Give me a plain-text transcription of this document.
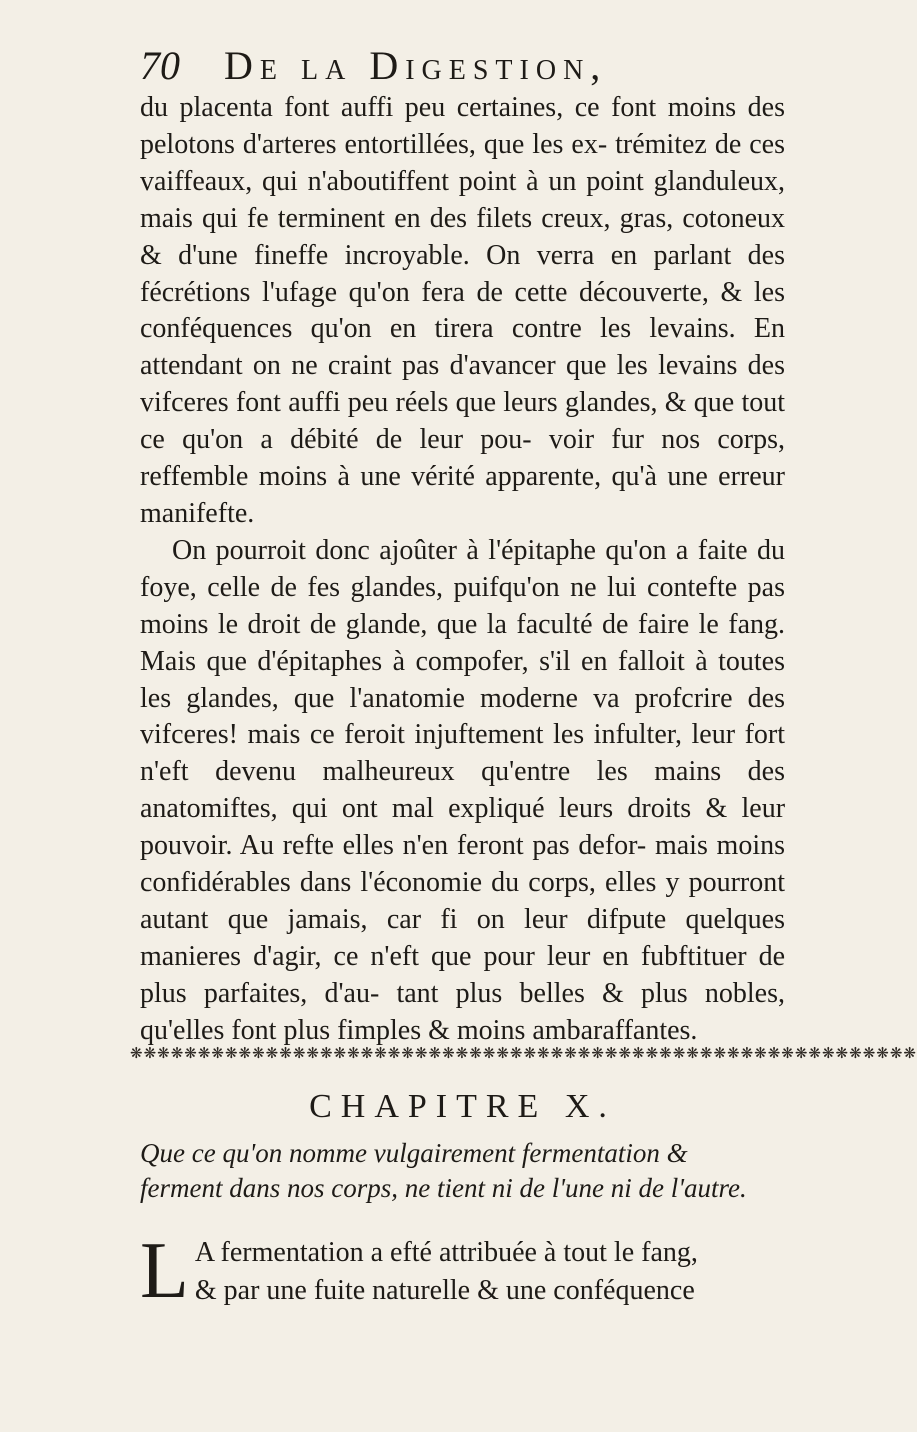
70 De la Digestion,

du placenta font auffi peu certaines, ce font moins des pelotons d'arteres entortillées, que les ex- trémitez de ces vaiffeaux, qui n'aboutiffent point à un point glanduleux, mais qui fe terminent en des filets creux, gras, cotoneux & d'une fineffe incroyable. On verra en parlant des fécrétions l'ufage qu'on fera de cette découverte, & les conféquences qu'on en tirera contre les levains. En attendant on ne craint pas d'avancer que les levains des vifceres font auffi peu réels que leurs glandes, & que tout ce qu'on a débité de leur pou- voir fur nos corps, reffemble moins à une vérité apparente, qu'à une erreur manifefte.

On pourroit donc ajoûter à l'épitaphe qu'on a faite du foye, celle de fes glandes, puifqu'on ne lui contefte pas moins le droit de glande, que la faculté de faire le fang. Mais que d'épitaphes à compofer, s'il en falloit à toutes les glandes, que l'anatomie moderne va profcrire des vifceres! mais ce feroit injuftement les infulter, leur fort n'eft devenu malheureux qu'entre les mains des anatomiftes, qui ont mal expliqué leurs droits & leur pouvoir. Au refte elles n'en feront pas defor- mais moins confidérables dans l'économie du corps, elles y pourront autant que jamais, car fi on leur difpute quelques manieres d'agir, ce n'eft que pour leur en fubftituer de plus parfaites, d'au- tant plus belles & plus nobles, qu'elles font plus fimples & moins ambaraffantes.

❋❋❋❋❋❋❋❋❋❋❋❋❋❋❋❋❋❋❋❋❋❋❋❋❋❋❋❋❋❋❋❋❋❋❋❋❋❋❋❋❋❋❋❋❋❋❋❋❋❋❋❋❋❋❋❋❋❋
CHAPITRE X.

Que ce qu'on nomme vulgairement fermentation &

ferment dans nos corps, ne tient ni de l'une ni de l'autre.

L A fermentation a efté attribuée à tout le fang,

& par une fuite naturelle & une conféquence
